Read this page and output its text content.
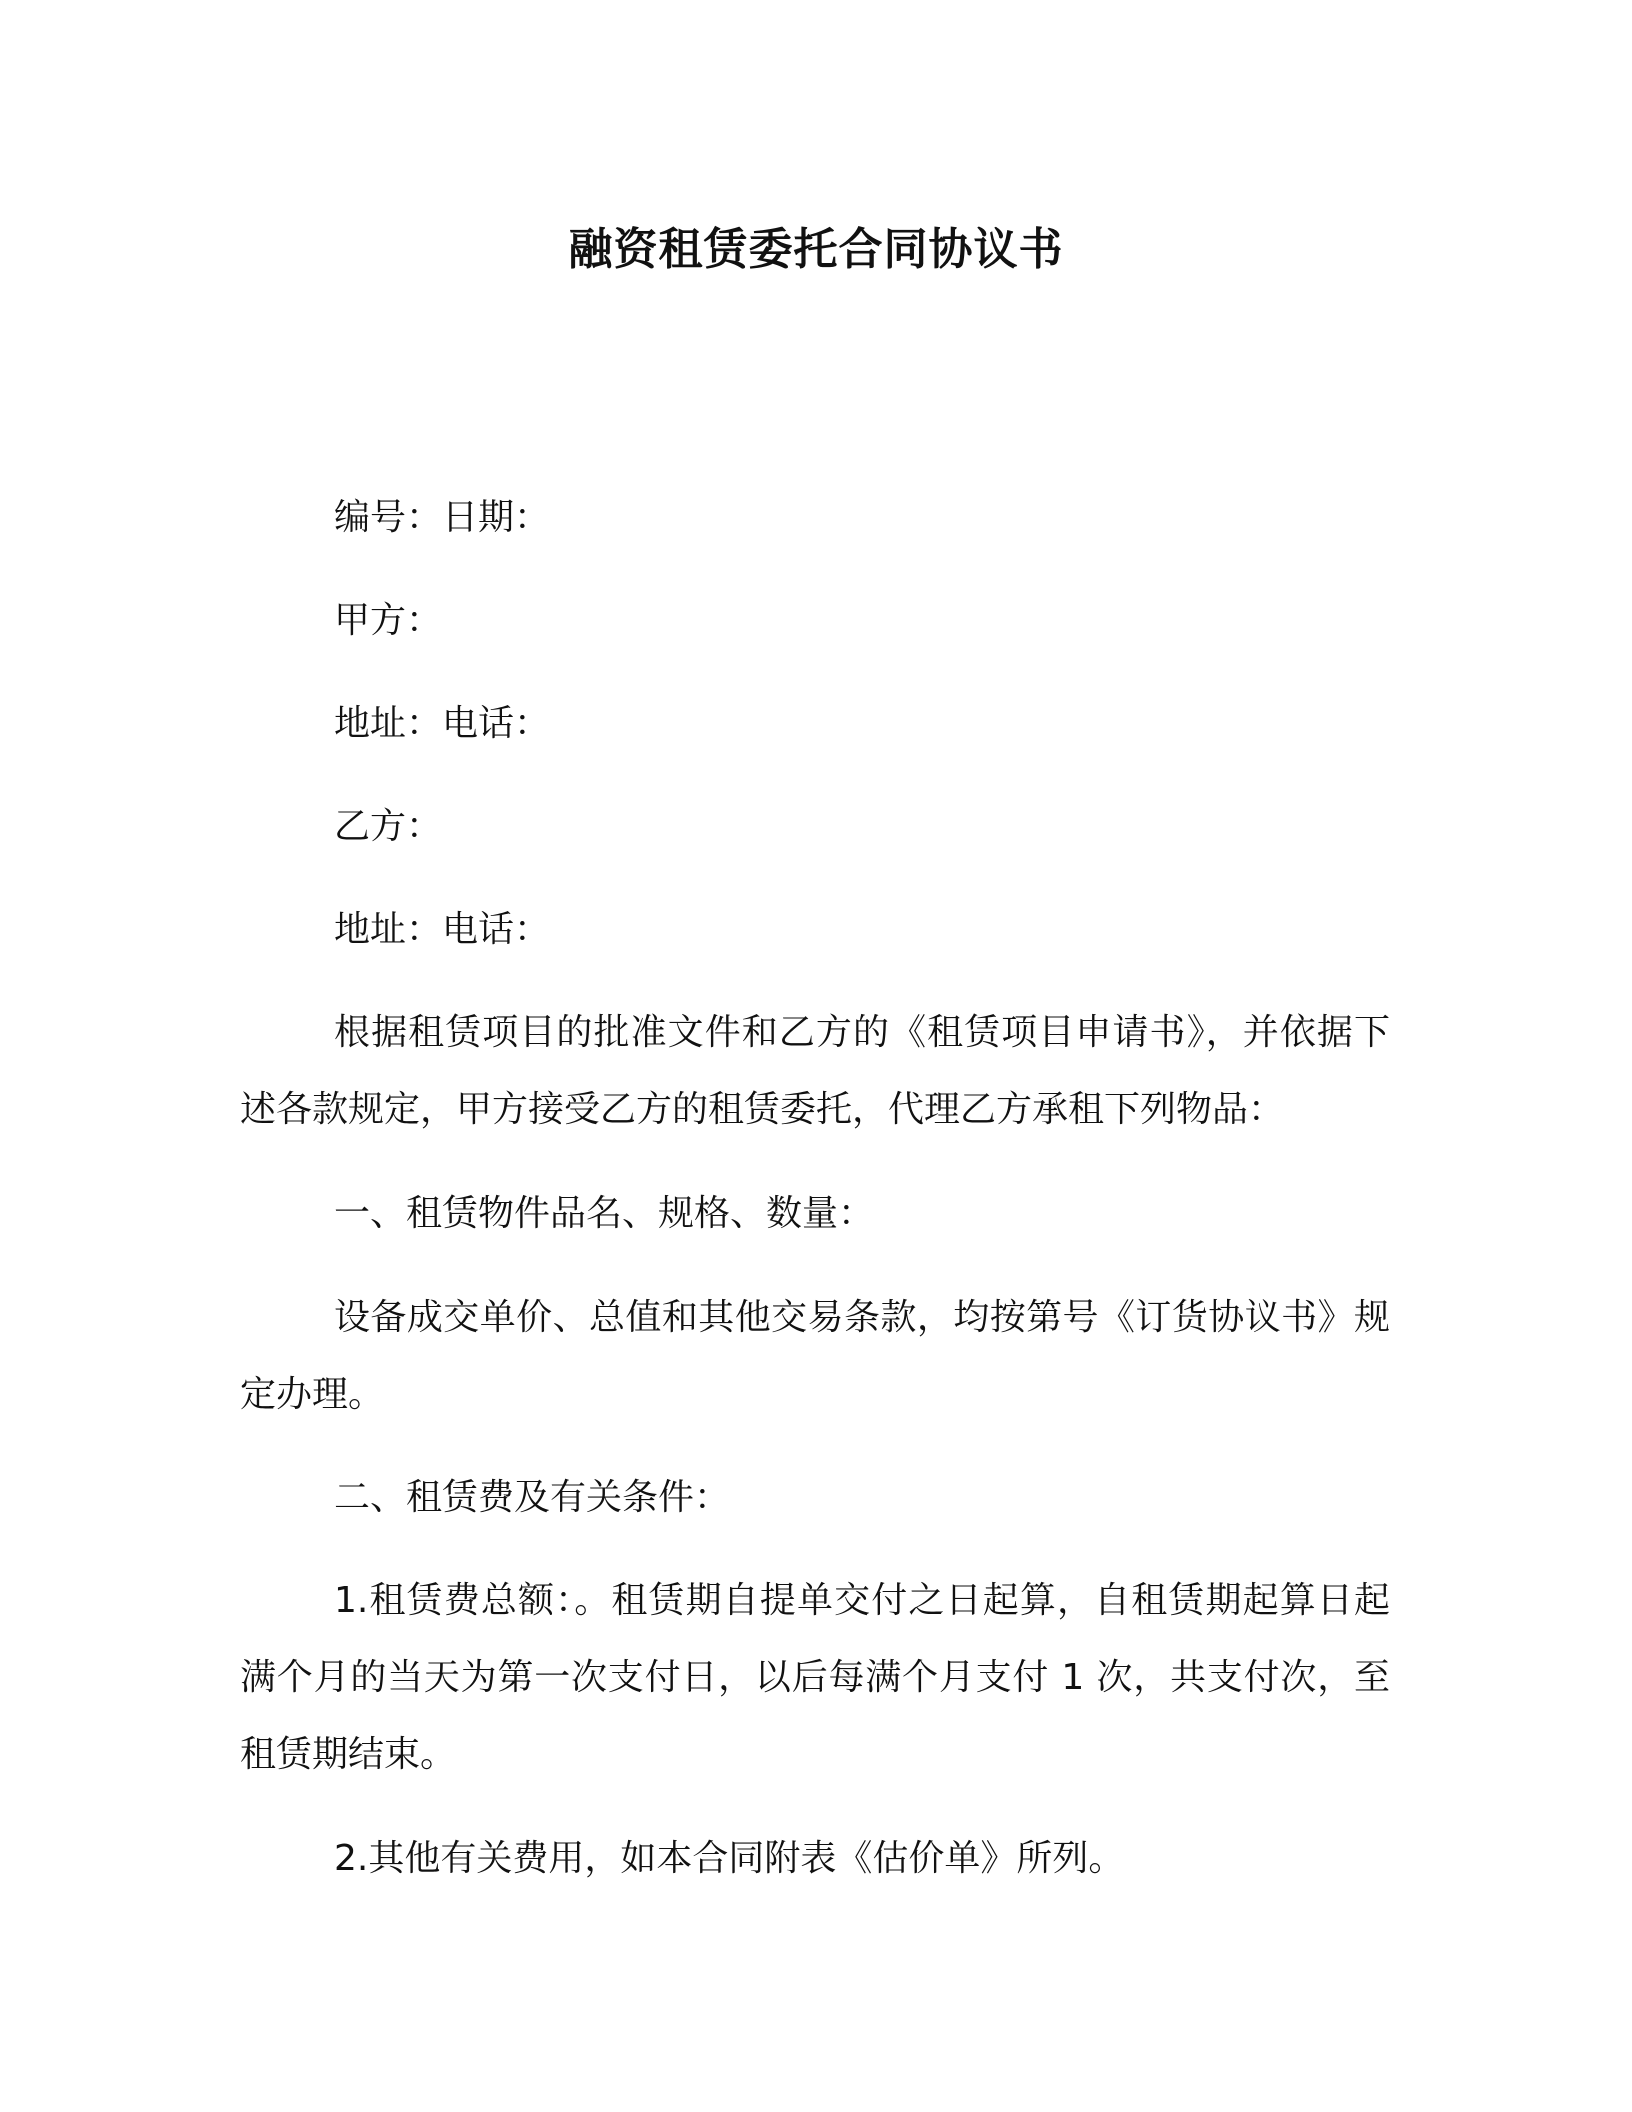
融资租赁委托合同协议书

编号：日期：

甲方：

地址：电话：

乙方：

地址：电话：

根据租赁项目的批准文件和乙方的《租赁项目申请书》，并依据下述各款规定，甲方接受乙方的租赁委托，代理乙方承租下列物品：

一、租赁物件品名、规格、数量：

设备成交单价、总值和其他交易条款，均按第号《订货协议书》规定办理。

二、租赁费及有关条件：

1.租赁费总额：。租赁期自提单交付之日起算，自租赁期起算日起满个月的当天为第一次支付日，以后每满个月支付 1 次，共支付次，至租赁期结束。

2.其他有关费用，如本合同附表《估价单》所列。
